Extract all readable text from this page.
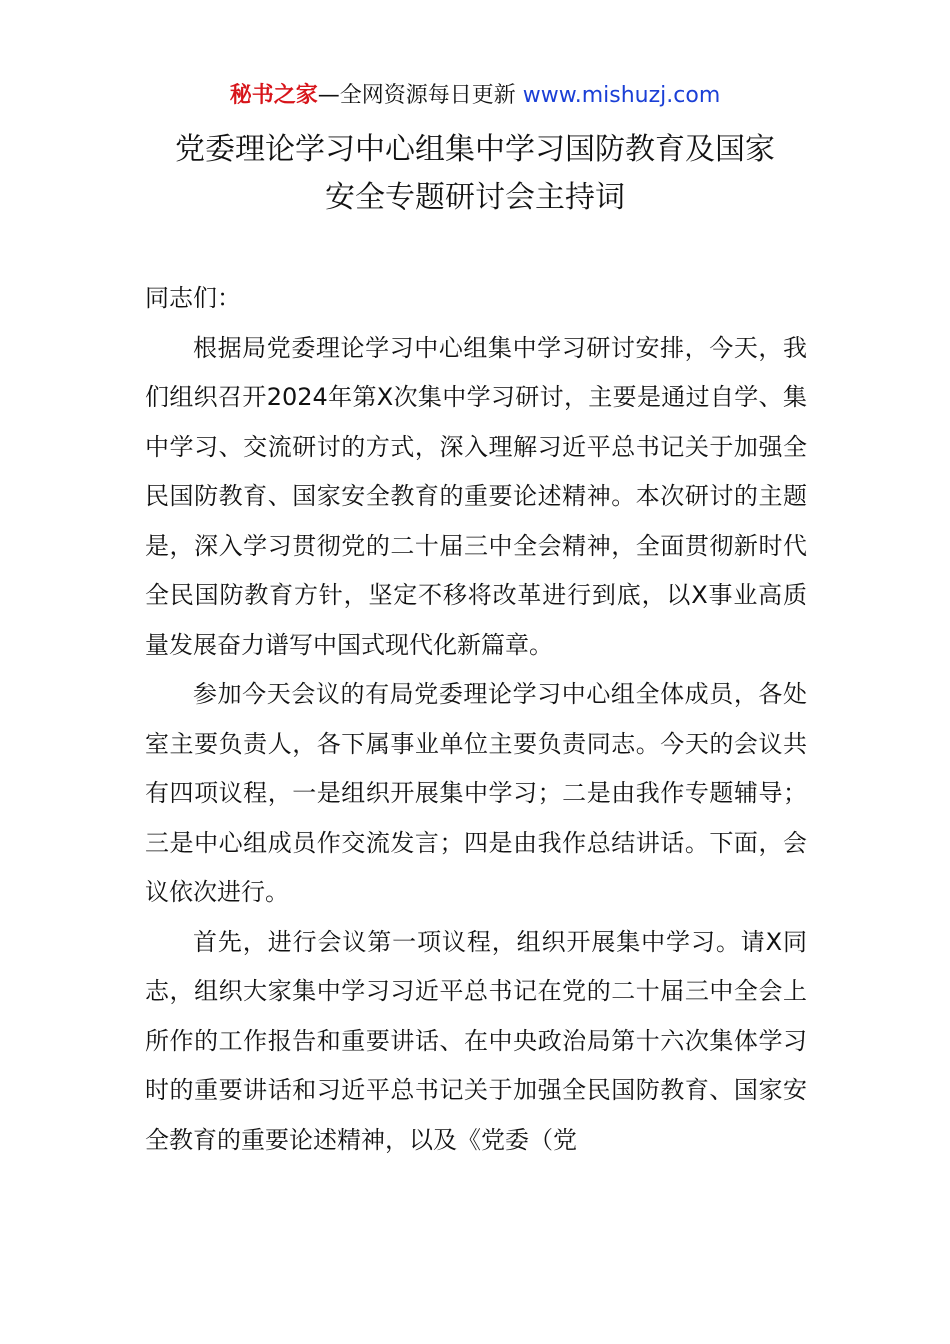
秘书之家—全网资源每日更新 www.mishuzj.com
党委理论学习中心组集中学习国防教育及国家
安全专题研讨会主持词

同志们：

根据局党委理论学习中心组集中学习研讨安排，今天，我们组织召开2024年第X次集中学习研讨，主要是通过自学、集中学习、交流研讨的方式，深入理解习近平总书记关于加强全民国防教育、国家安全教育的重要论述精神。本次研讨的主题是，深入学习贯彻党的二十届三中全会精神，全面贯彻新时代全民国防教育方针，坚定不移将改革进行到底，以X事业高质量发展奋力谱写中国式现代化新篇章。

参加今天会议的有局党委理论学习中心组全体成员，各处室主要负责人，各下属事业单位主要负责同志。今天的会议共有四项议程，一是组织开展集中学习；二是由我作专题辅导；三是中心组成员作交流发言；四是由我作总结讲话。下面，会议依次进行。

首先，进行会议第一项议程，组织开展集中学习。请X同志，组织大家集中学习习近平总书记在党的二十届三中全会上所作的工作报告和重要讲话、在中央政治局第十六次集体学习时的重要讲话和习近平总书记关于加强全民国防教育、国家安全教育的重要论述精神，以及《党委（党
